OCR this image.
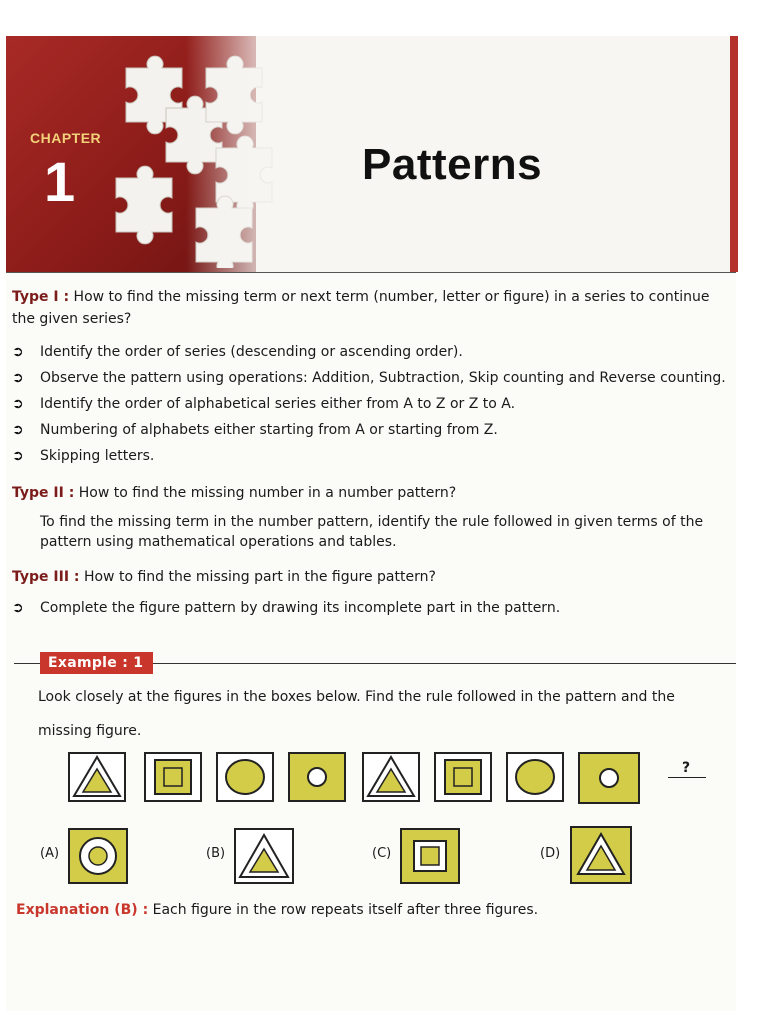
CHAPTER
1	Patterns
Type I : How to find the missing term or next term (number, letter or figure) in a series to continue the given series?
➲ Identify the order of series (descending or ascending order).
➲ Observe the pattern using operations: Addition, Subtraction, Skip counting and Reverse counting.
➲ Identify the order of alphabetical series either from A to Z or Z to A.
➲ Numbering of alphabets either starting from A or starting from Z.
➲ Skipping letters.
Type II : How to find the missing number in a number pattern?
To find the missing term in the number pattern, identify the rule followed in given terms of the pattern using mathematical operations and tables.
Type III : How to find the missing part in the figure pattern?
➲ Complete the figure pattern by drawing its incomplete part in the pattern.
Example : 1
Look closely at the figures in the boxes below. Find the rule followed in the pattern and the missing figure.
?
(A)	(B)	(C)	(D)
Explanation (B) : Each figure in the row repeats itself after three figures.
